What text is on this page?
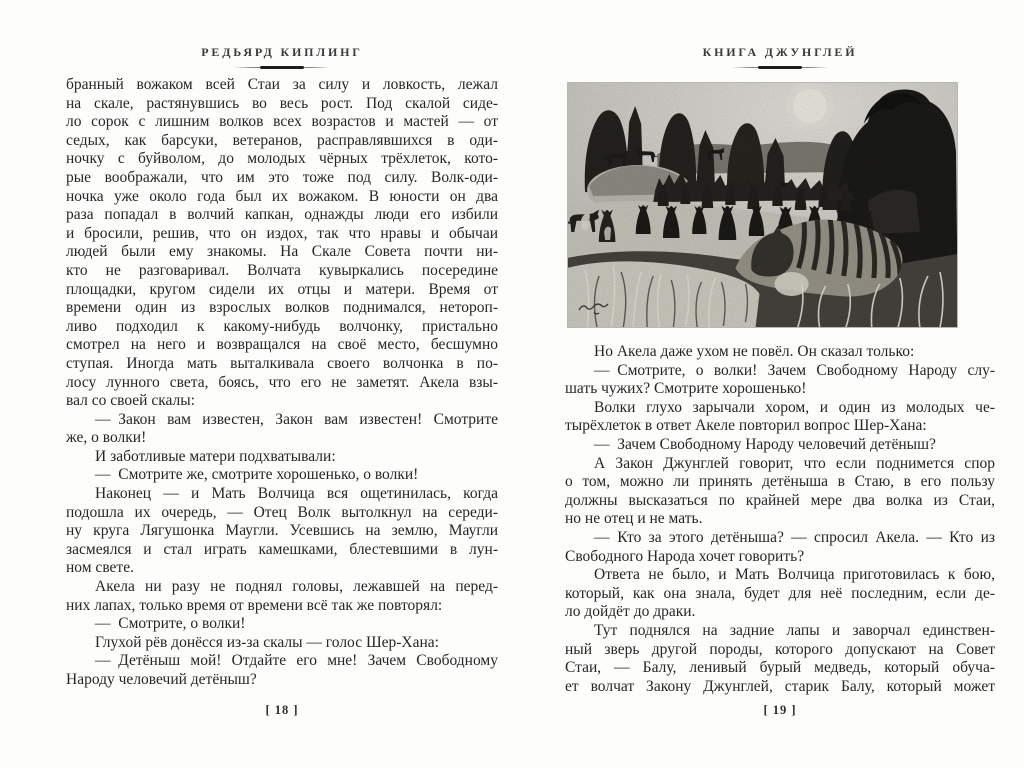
РЕДЬЯРД КИПЛИНГ
бранный вожаком всей Стаи за силу и ловкость, лежал
на скале, растянувшись во весь рост. Под скалой сиде-
ло сорок с лишним волков всех возрастов и мастей — от
седых, как барсуки, ветеранов, расправлявшихся в оди-
ночку с буйволом, до молодых чёрных трёхлеток, кото-
рые воображали, что им это тоже под силу. Волк-оди-
ночка уже около года был их вожаком. В юности он два
раза попадал в волчий капкан, однажды люди его избили
и бросили, решив, что он издох, так что нравы и обычаи
людей были ему знакомы. На Скале Совета почти ни-
кто не разговаривал. Волчата кувыркались посередине
площадки, кругом сидели их отцы и матери. Время от
времени один из взрослых волков поднимался, нетороп-
ливо подходил к какому-нибудь волчонку, пристально
смотрел на него и возвращался на своё место, бесшумно
ступая. Иногда мать выталкивала своего волчонка в по-
лосу лунного света, боясь, что его не заметят. Акела взы-
вал со своей скалы:
— Закон вам известен, Закон вам известен! Смотрите
же, о волки!
И заботливые матери подхватывали:
— Смотрите же, смотрите хорошенько, о волки!
Наконец — и Мать Волчица вся ощетинилась, когда
подошла их очередь, — Отец Волк вытолкнул на середи-
ну круга Лягушонка Маугли. Усевшись на землю, Маугли
засмеялся и стал играть камешками, блестевшими в лун-
ном свете.
Акела ни разу не поднял головы, лежавшей на перед-
них лапах, только время от времени всё так же повторял:
— Смотрите, о волки!
Глухой рёв донёсся из-за скалы — голос Шер-Хана:
— Детёныш мой! Отдайте его мне! Зачем Свободному
Народу человечий детёныш?
[ 18 ]
КНИГА ДЖУНГЛЕЙ
Но Акела даже ухом не повёл. Он сказал только:
— Смотрите, о волки! Зачем Свободному Народу слу-
шать чужих? Смотрите хорошенько!
Волки глухо зарычали хором, и один из молодых че-
тырёхлеток в ответ Акеле повторил вопрос Шер-Хана:
— Зачем Свободному Народу человечий детёныш?
А Закон Джунглей говорит, что если поднимется спор
о том, можно ли принять детёныша в Стаю, в его пользу
должны высказаться по крайней мере два волка из Стаи,
но не отец и не мать.
— Кто за этого детёныша? — спросил Акела. — Кто из
Свободного Народа хочет говорить?
Ответа не было, и Мать Волчица приготовилась к бою,
который, как она знала, будет для неё последним, если де-
ло дойдёт до драки.
Тут поднялся на задние лапы и заворчал единствен-
ный зверь другой породы, которого допускают на Совет
Стаи, — Балу, ленивый бурый медведь, который обуча-
ет волчат Закону Джунглей, старик Балу, который может
[ 19 ]
